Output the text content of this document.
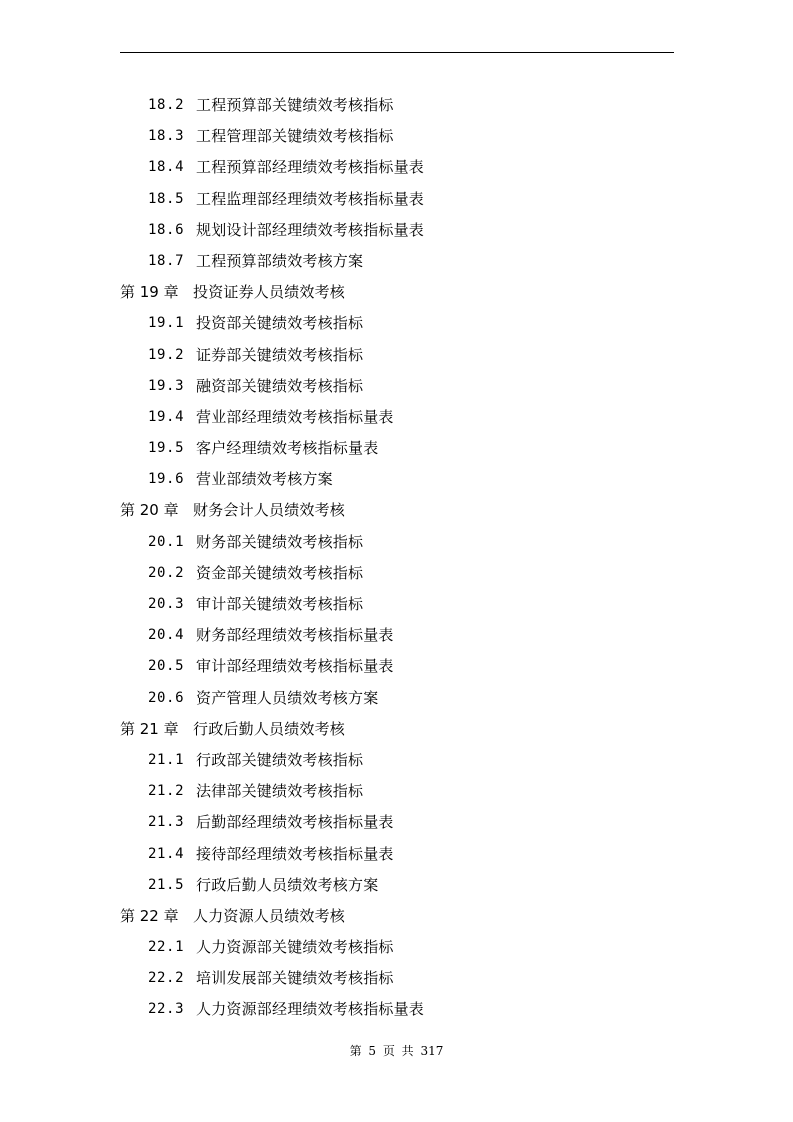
18.2 工程预算部关键绩效考核指标
18.3 工程管理部关键绩效考核指标
18.4 工程预算部经理绩效考核指标量表
18.5 工程监理部经理绩效考核指标量表
18.6 规划设计部经理绩效考核指标量表
18.7 工程预算部绩效考核方案
第 19 章 投资证券人员绩效考核
19.1 投资部关键绩效考核指标
19.2 证券部关键绩效考核指标
19.3 融资部关键绩效考核指标
19.4 营业部经理绩效考核指标量表
19.5 客户经理绩效考核指标量表
19.6 营业部绩效考核方案
第 20 章 财务会计人员绩效考核
20.1 财务部关键绩效考核指标
20.2 资金部关键绩效考核指标
20.3 审计部关键绩效考核指标
20.4 财务部经理绩效考核指标量表
20.5 审计部经理绩效考核指标量表
20.6 资产管理人员绩效考核方案
第 21 章 行政后勤人员绩效考核
21.1 行政部关键绩效考核指标
21.2 法律部关键绩效考核指标
21.3 后勤部经理绩效考核指标量表
21.4 接待部经理绩效考核指标量表
21.5 行政后勤人员绩效考核方案
第 22 章 人力资源人员绩效考核
22.1 人力资源部关键绩效考核指标
22.2 培训发展部关键绩效考核指标
22.3 人力资源部经理绩效考核指标量表
第 5 页 共 317
